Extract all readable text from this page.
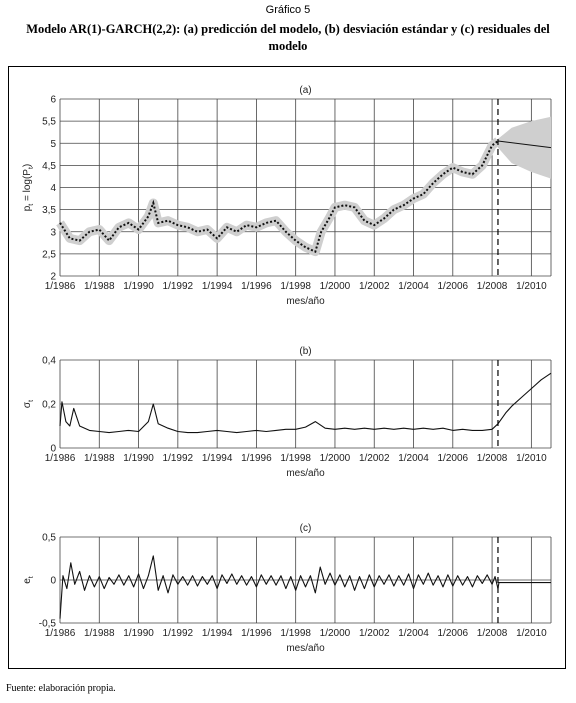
Gráfico 5
Modelo AR(1)-GARCH(2,2): (a) predicción del modelo, (b) desviación estándar y (c) residuales del modelo
$p_t = \log(P_t)$
(a)
2
2,5
3
3,5
4
4,5
5
5,5
6
1/1986 1/1988 1/1990 1/1992 1/1994 1/1996 1/1998 1/2000 1/2002 1/2004 1/2006 1/2008 1/2010
mes/año
$\sigma_t$
(b)
0
0,2
0,4
1/1986 1/1988 1/1990 1/1992 1/1994 1/1996 1/1998 1/2000 1/2002 1/2004 1/2006 1/2008 1/2010
mes/año
$e_t$
(c)
-0,5
0
0,5
1/1986 1/1988 1/1990 1/1992 1/1994 1/1996 1/1998 1/2000 1/2002 1/2004 1/2006 1/2008 1/2010
mes/año
Fuente: elaboración propia.
